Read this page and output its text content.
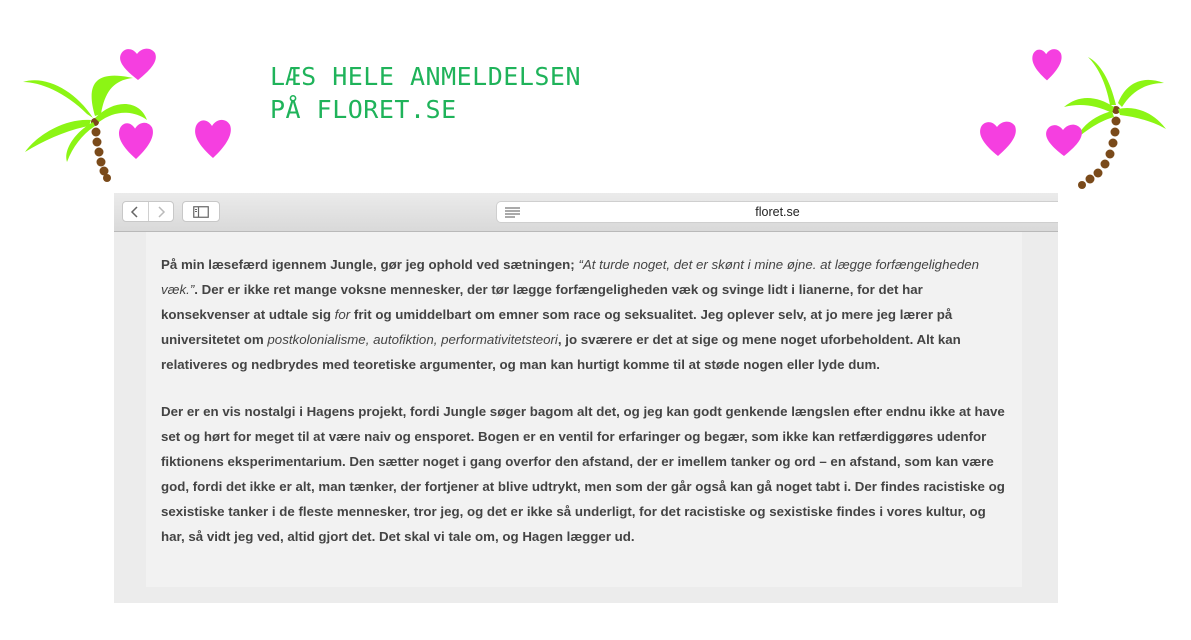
LÆS HELE ANMELDELSEN
PÅ FLORET.SE
floret.se

På min læsefærd igennem Jungle, gør jeg ophold ved sætningen; “At turde noget, det er skønt i mine øjne. at lægge forfængeligheden væk.”. Der er ikke ret mange voksne mennesker, der tør lægge forfængeligheden væk og svinge lidt i lianerne, for det har konsekvenser at udtale sig for frit og umiddelbart om emner som race og seksualitet. Jeg oplever selv, at jo mere jeg lærer på universitetet om postkolonialisme, autofiktion, performativitetsteori, jo sværere er det at sige og mene noget uforbeholdent. Alt kan relativeres og nedbrydes med teoretiske argumenter, og man kan hurtigt komme til at støde nogen eller lyde dum.

Der er en vis nostalgi i Hagens projekt, fordi Jungle søger bagom alt det, og jeg kan godt genkende længslen efter endnu ikke at have set og hørt for meget til at være naiv og ensporet. Bogen er en ventil for erfaringer og begær, som ikke kan retfærdiggøres udenfor fiktionens eksperimentarium. Den sætter noget i gang overfor den afstand, der er imellem tanker og ord – en afstand, som kan være god, fordi det ikke er alt, man tænker, der fortjener at blive udtrykt, men som der går også kan gå noget tabt i. Der findes racistiske og sexistiske tanker i de fleste mennesker, tror jeg, og det er ikke så underligt, for det racistiske og sexistiske findes i vores kultur, og har, så vidt jeg ved, altid gjort det. Det skal vi tale om, og Hagen lægger ud.
